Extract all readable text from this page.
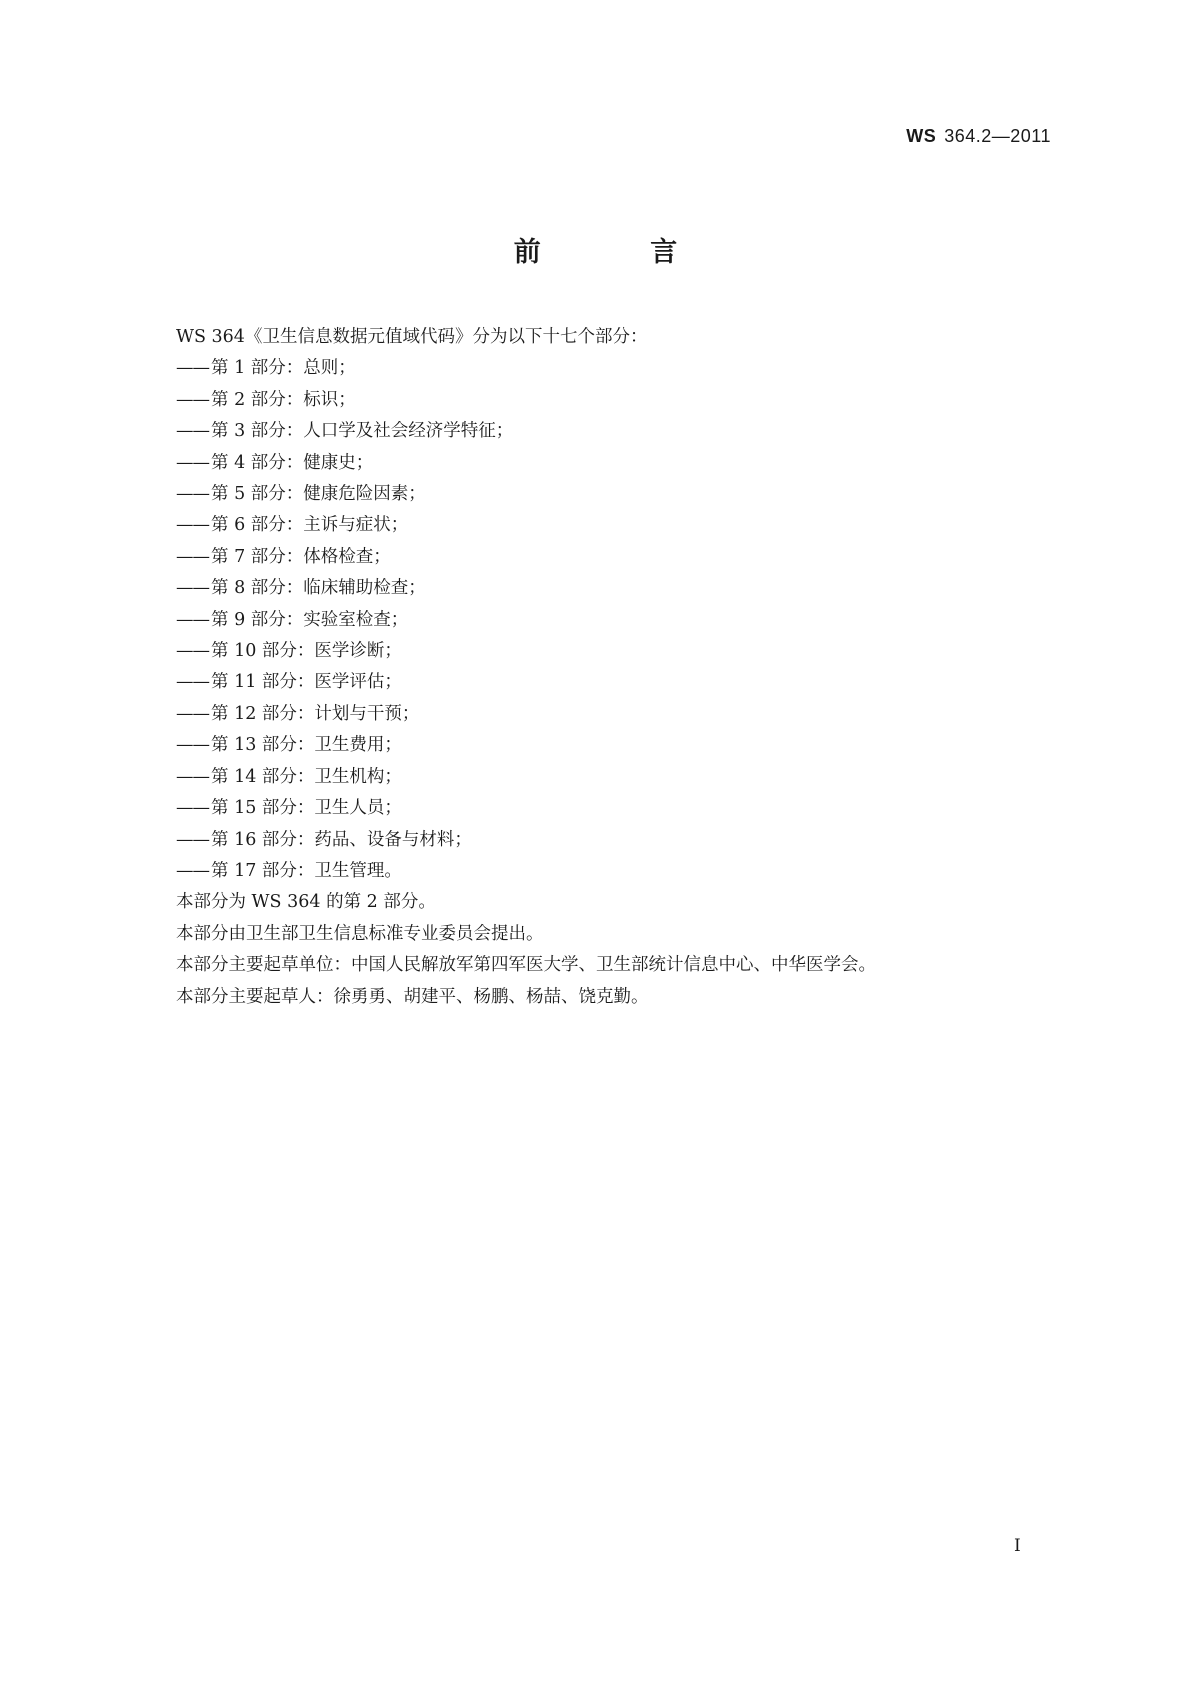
WS 364.2—2011
前 言
WS 364《卫生信息数据元值域代码》分为以下十七个部分：
—— 第 1 部分：总则；
—— 第 2 部分：标识；
—— 第 3 部分：人口学及社会经济学特征；
—— 第 4 部分：健康史；
—— 第 5 部分：健康危险因素；
—— 第 6 部分：主诉与症状；
—— 第 7 部分：体格检查；
—— 第 8 部分：临床辅助检查；
—— 第 9 部分：实验室检查；
—— 第 10 部分：医学诊断；
—— 第 11 部分：医学评估；
—— 第 12 部分：计划与干预；
—— 第 13 部分：卫生费用；
—— 第 14 部分：卫生机构；
—— 第 15 部分：卫生人员；
—— 第 16 部分：药品、设备与材料；
—— 第 17 部分：卫生管理。
本部分为 WS 364 的第 2 部分。
本部分由卫生部卫生信息标准专业委员会提出。
本部分主要起草单位：中国人民解放军第四军医大学、卫生部统计信息中心、中华医学会。
本部分主要起草人：徐勇勇、胡建平、杨鹏、杨喆、饶克勤。
I
